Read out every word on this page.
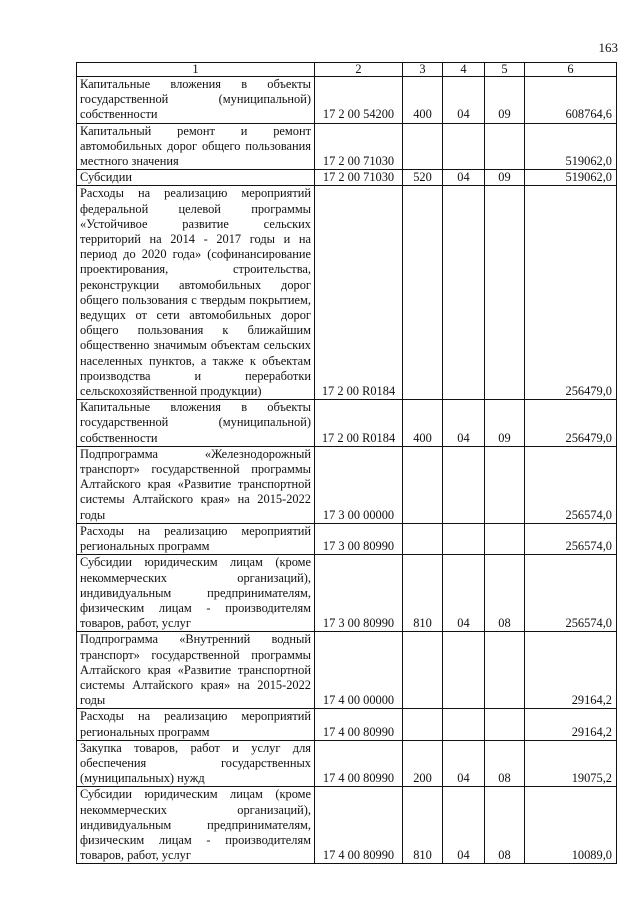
163
1	2	3	4	5	6
Капитальные вложения в объекты государственной (муниципальной) собственности	17 2 00 54200	400	04	09	608764,6
Капитальный ремонт и ремонт автомобильных дорог общего пользования местного значения	17 2 00 71030				519062,0
Субсидии	17 2 00 71030	520	04	09	519062,0
Расходы на реализацию мероприятий федеральной целевой программы «Устойчивое развитие сельских территорий на 2014 - 2017 годы и на период до 2020 года» (софинансирование проектирования, строительства, реконструкции автомобильных дорог общего пользования с твердым покрытием, ведущих от сети автомобильных дорог общего пользования к ближайшим общественно значимым объектам сельских населенных пунктов, а также к объектам производства и переработки сельскохозяйственной продукции)	17 2 00 R0184				256479,0
Капитальные вложения в объекты государственной (муниципальной) собственности	17 2 00 R0184	400	04	09	256479,0
Подпрограмма «Железнодорожный транспорт» государственной программы Алтайского края «Развитие транспортной системы Алтайского края» на 2015-2022 годы	17 3 00 00000				256574,0
Расходы на реализацию мероприятий региональных программ	17 3 00 80990				256574,0
Субсидии юридическим лицам (кроме некоммерческих организаций), индивидуальным предпринимателям, физическим лицам - производителям товаров, работ, услуг	17 3 00 80990	810	04	08	256574,0
Подпрограмма «Внутренний водный транспорт» государственной программы Алтайского края «Развитие транспортной системы Алтайского края» на 2015-2022 годы	17 4 00 00000				29164,2
Расходы на реализацию мероприятий региональных программ	17 4 00 80990				29164,2
Закупка товаров, работ и услуг для обеспечения государственных (муниципальных) нужд	17 4 00 80990	200	04	08	19075,2
Субсидии юридическим лицам (кроме некоммерческих организаций), индивидуальным предпринимателям, физическим лицам - производителям товаров, работ, услуг	17 4 00 80990	810	04	08	10089,0
